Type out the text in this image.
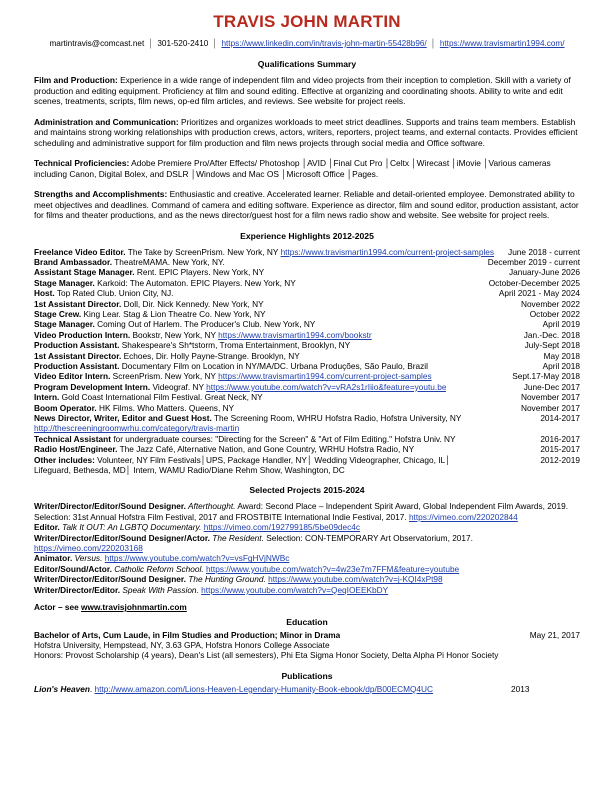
TRAVIS JOHN MARTIN
martintravis@comcast.net │ 301-520-2410 │ https://www.linkedin.com/in/travis-john-martin-55428b96/ │ https://www.travismartin1994.com/
Qualifications Summary

Film and Production: Experience in a wide range of independent film and video projects from their inception to completion. Skill with a variety of production and editing equipment. Proficiency at film and sound editing. Effective at organizing and coordinating shoots. Ability to write and edit scenes, treatments, scripts, film news, op-ed film articles, and reviews. See website for project reels.

Administration and Communication: Prioritizes and organizes workloads to meet strict deadlines. Supports and trains team members. Establish and maintains strong working relationships with production crews, actors, writers, reporters, project teams, and external contacts. Provides efficient scheduling and administrative support for film production and film news projects through social media and Office software.

Technical Proficiencies: Adobe Premiere Pro/After Effects/ Photoshop │AVID │Final Cut Pro │Celtx │Wirecast │iMovie │Various cameras including Canon, Digital Bolex, and DSLR │Windows and Mac OS │Microsoft Office │Pages.

Strengths and Accomplishments: Enthusiastic and creative. Accelerated learner. Reliable and detail-oriented employee. Demonstrated ability to meet objectives and deadlines. Command of camera and editing software. Experience as director, film and sound editor, production assistant, actor for films and theater productions, and as the news director/guest host for a film news radio show and website. See website for project reels.

Experience Highlights 2012-2025
Freelance Video Editor. The Take by ScreenPrism. New York, NY https://www.travismartin1994.com/current-project-samples	June 2018 - current
Brand Ambassador. TheatreMAMA. New York, NY.	December 2019 - current
Assistant Stage Manager. Rent. EPIC Players. New York, NY	January-June 2026
Stage Manager. Karkoid: The Automaton. EPIC Players. New York, NY	October-December 2025
Host. Top Rated Club. Union City, NJ.	April 2021 - May 2024
1st Assistant Director. Doll, Dir. Nick Kennedy. New York, NY	November 2022
Stage Crew. King Lear. Stag & Lion Theatre Co. New York, NY	October 2022
Stage Manager. Coming Out of Harlem. The Producer's Club. New York, NY	April 2019
Video Production Intern. Bookstr, New York, NY https://www.travismartin1994.com/bookstr	Jan.-Dec. 2018
Production Assistant. Shakespeare's Sh*tstorm, Troma Entertainment, Brooklyn, NY	July-Sept 2018
1st Assistant Director. Echoes, Dir. Holly Payne-Strange. Brooklyn, NY	May 2018
Production Assistant. Documentary Film on Location in NY/MA/DC. Urbana Produções, São Paulo, Brazil	April 2018
Video Editor Intern. ScreenPrism. New York, NY https://www.travismartin1994.com/current-project-samples	Sept.17-May 2018
Program Development Intern. Videograf. NY https://www.youtube.com/watch?v=vRA2s1rIiio&feature=youtu.be	June-Dec 2017
Intern. Gold Coast International Film Festival. Great Neck, NY	November 2017
Boom Operator. HK Films. Who Matters. Queens, NY	November 2017
News Director, Writer, Editor and Guest Host. The Screening Room, WHRU Hofstra Radio, Hofstra University, NY	2014-2017
http://thescreeningroomwrhu.com/category/travis-martin
Technical Assistant for undergraduate courses: "Directing for the Screen" & "Art of Film Editing." Hofstra Univ. NY	2016-2017
Radio Host/Engineer. The Jazz Café, Alternative Nation, and Gone Country, WRHU Hofstra Radio, NY	2015-2017
Other includes: Volunteer, NY Film Festivals│UPS, Package Handler, NY│ Wedding Videographer, Chicago, IL│	2012-2019
Lifeguard, Bethesda, MD│ Intern, WAMU Radio/Diane Rehm Show, Washington, DC
Selected Projects 2015-2024
Writer/Director/Editor/Sound Designer. Afterthought. Award: Second Place – Independent Spirit Award, Global Independent Film Awards, 2019.
Selection: 31st Annual Hofstra Film Festival, 2017 and FROSTBITE International Indie Festival, 2017. https://vimeo.com/220202844
Editor. Talk It OUT: An LGBTQ Documentary. https://vimeo.com/192799185/5be09dec4c
Writer/Director/Editor/Sound Designer/Actor. The Resident. Selection: CON-TEMPORARY Art Observatorium, 2017.
https://vimeo.com/220203168
Animator. Versus. https://www.youtube.com/watch?v=vsFgHVjNWBc
Editor/Sound/Actor. Catholic Reform School. https://www.youtube.com/watch?v=4w23e7m7FFM&feature=youtube
Writer/Director/Editor/Sound Designer. The Hunting Ground. https://www.youtube.com/watch?v=j-KQI4xPt98
Writer/Director/Editor. Speak With Passion. https://www.youtube.com/watch?v=QeqIOEEKbDY
Actor – see www.travisjohnmartin.com
Education
Bachelor of Arts, Cum Laude, in Film Studies and Production; Minor in Drama	May 21, 2017
Hofstra University, Hempstead, NY, 3.63 GPA, Hofstra Honors College Associate
Honors: Provost Scholarship (4 years), Dean's List (all semesters), Phi Eta Sigma Honor Society, Delta Alpha Pi Honor Society
Publications
Lion's Heaven. http://www.amazon.com/Lions-Heaven-Legendary-Humanity-Book-ebook/dp/B00ECMQ4UC	2013
